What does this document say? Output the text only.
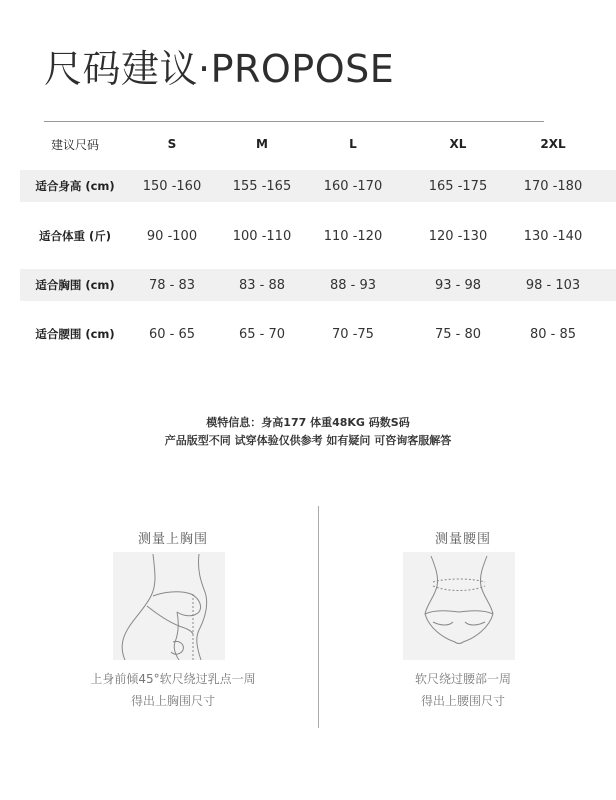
尺码建议·PROPOSE
建议尺码	S	M	L	XL	2XL
适合身高 (cm)	150 -160	155 -165	160 -170	165 -175	170 -180
适合体重 (斤)	90 -100	100 -110	110 -120	120 -130	130 -140
适合胸围 (cm)	78 - 83	83 - 88	88 - 93	93 - 98	98 - 103
适合腰围 (cm)	60 - 65	65 - 70	70 -75	75 - 80	80 - 85
模特信息：身高177 体重48KG 码数S码
产品版型不同 试穿体验仅供参考 如有疑问 可咨询客服解答
测量上胸围
上身前倾45°软尺绕过乳点一周
得出上胸围尺寸
测量腰围
软尺绕过腰部一周
得出上腰围尺寸
